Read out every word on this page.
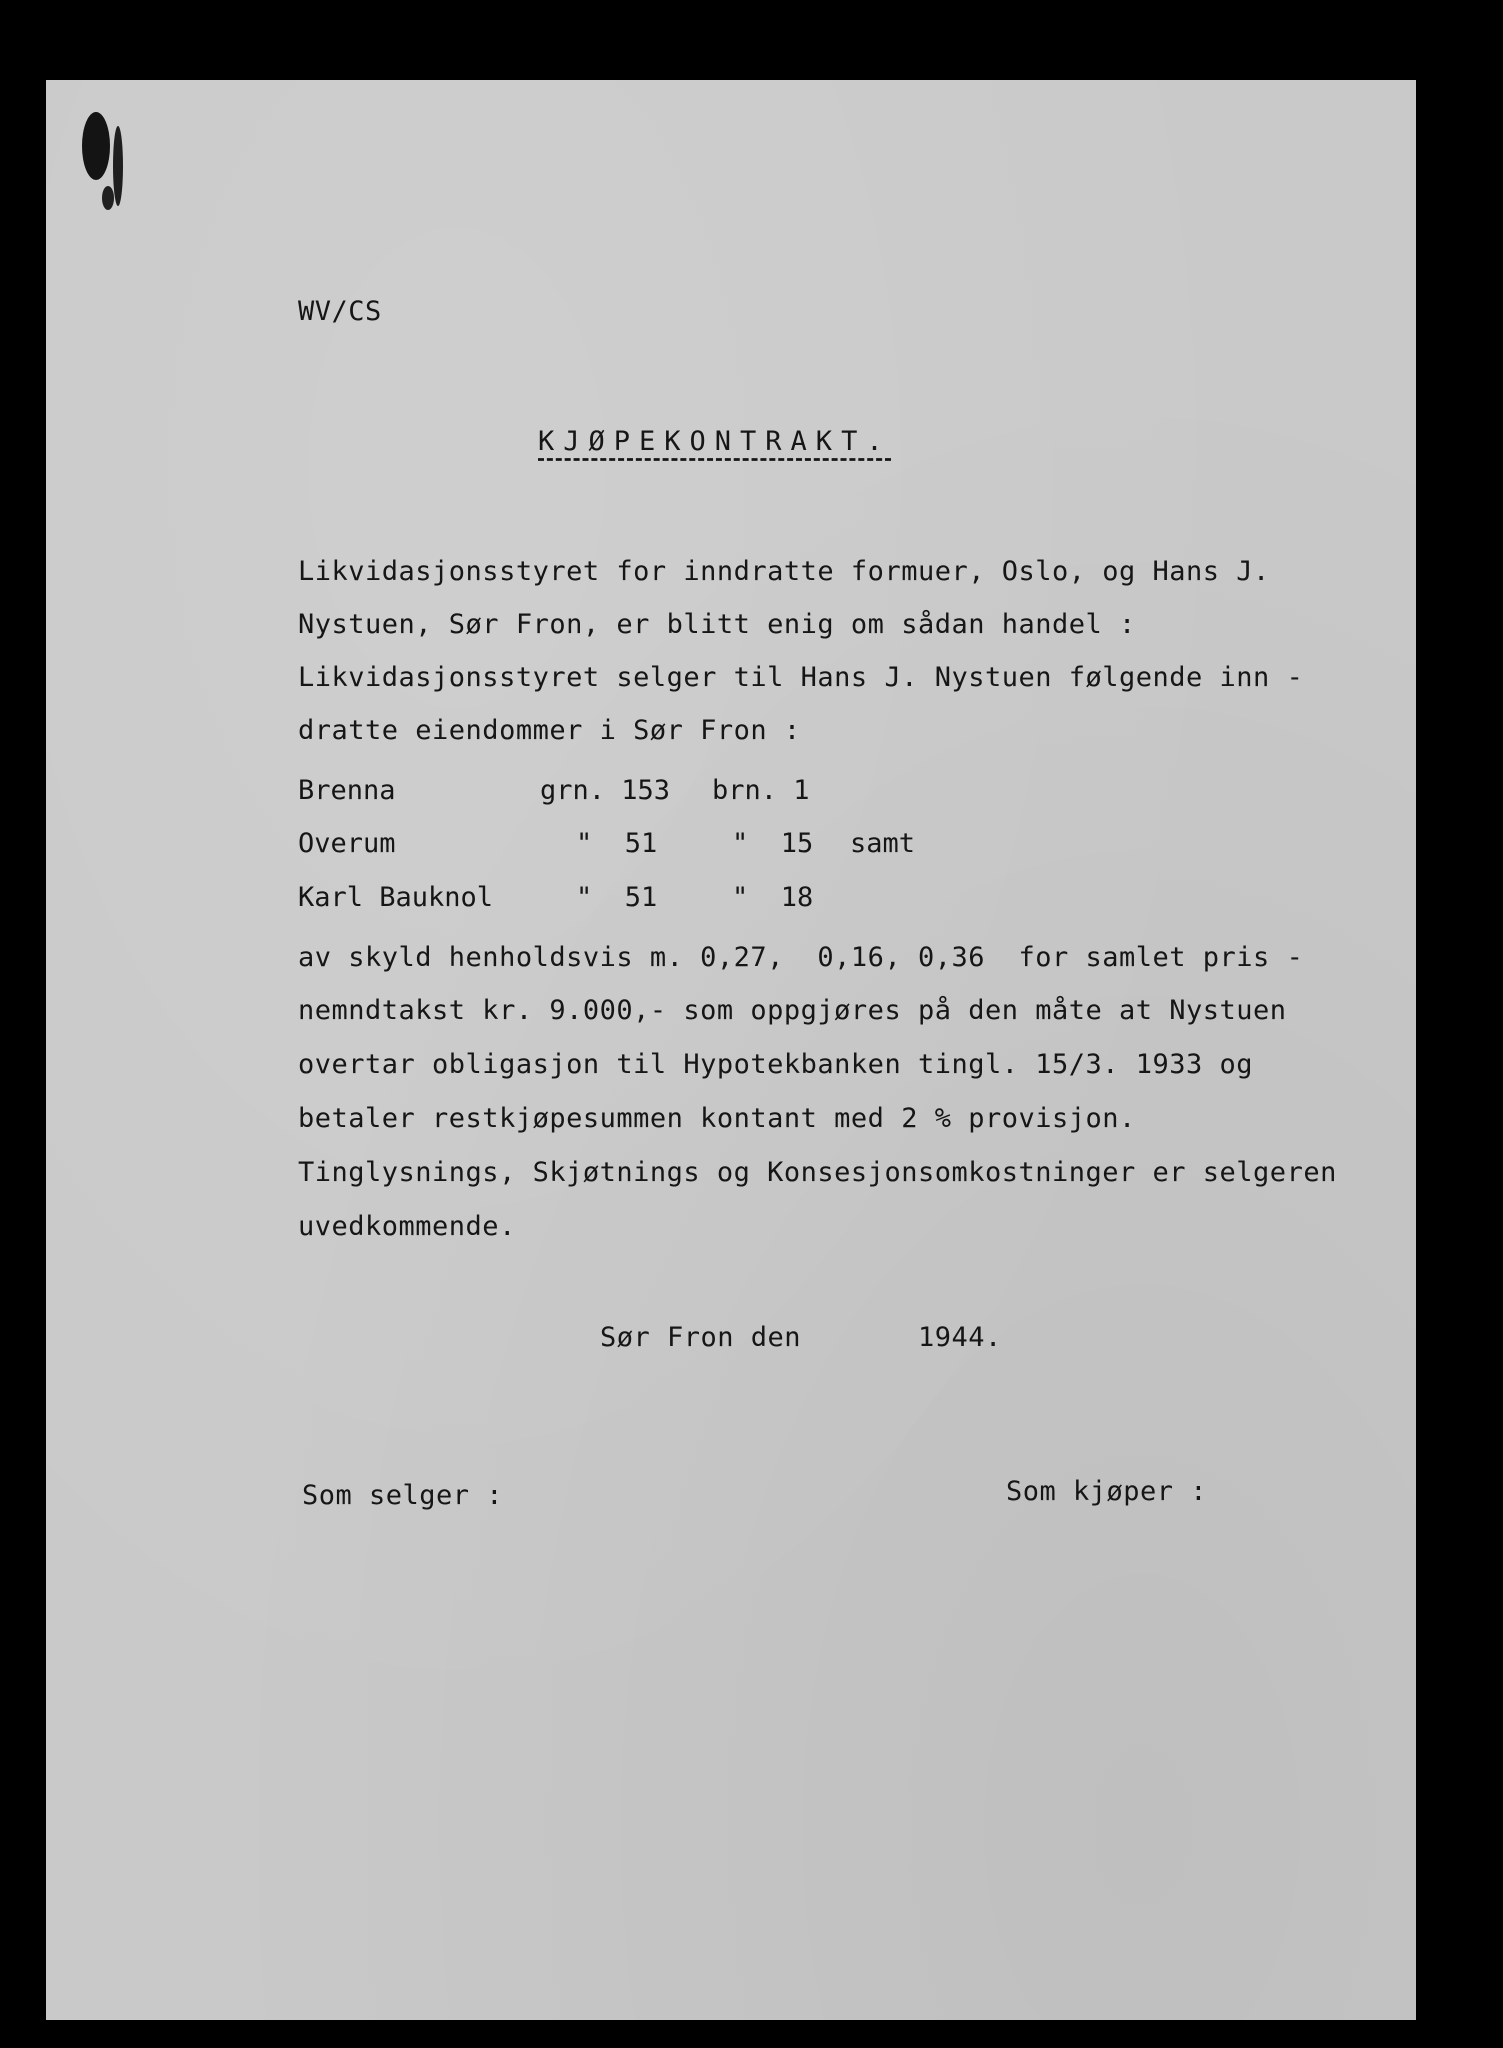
WV/CS
KJØPEKONTRAKT.
Likvidasjonsstyret for inndratte formuer, Oslo, og Hans J.
Nystuen, Sør Fron, er blitt enig om sådan handel :
Likvidasjonsstyret selger til Hans J. Nystuen følgende inn -
dratte eiendommer i Sør Fron :
Brenna	grn. 153 brn. 1
Overum	"  51	"  15 samt
Karl Bauknol	"  51	"  18
av skyld henholdsvis m. 0,27,  0,16, 0,36  for samlet pris -
nemndtakst kr. 9.000,- som oppgjøres på den måte at Nystuen
overtar obligasjon til Hypotekbanken tingl. 15/3. 1933 og
betaler restkjøpesummen kontant med 2 % provisjon.
Tinglysnings, Skjøtnings og Konsesjonsomkostninger er selgeren
uvedkommende.
Sør Fron den	1944.
Som selger :	Som kjøper :
